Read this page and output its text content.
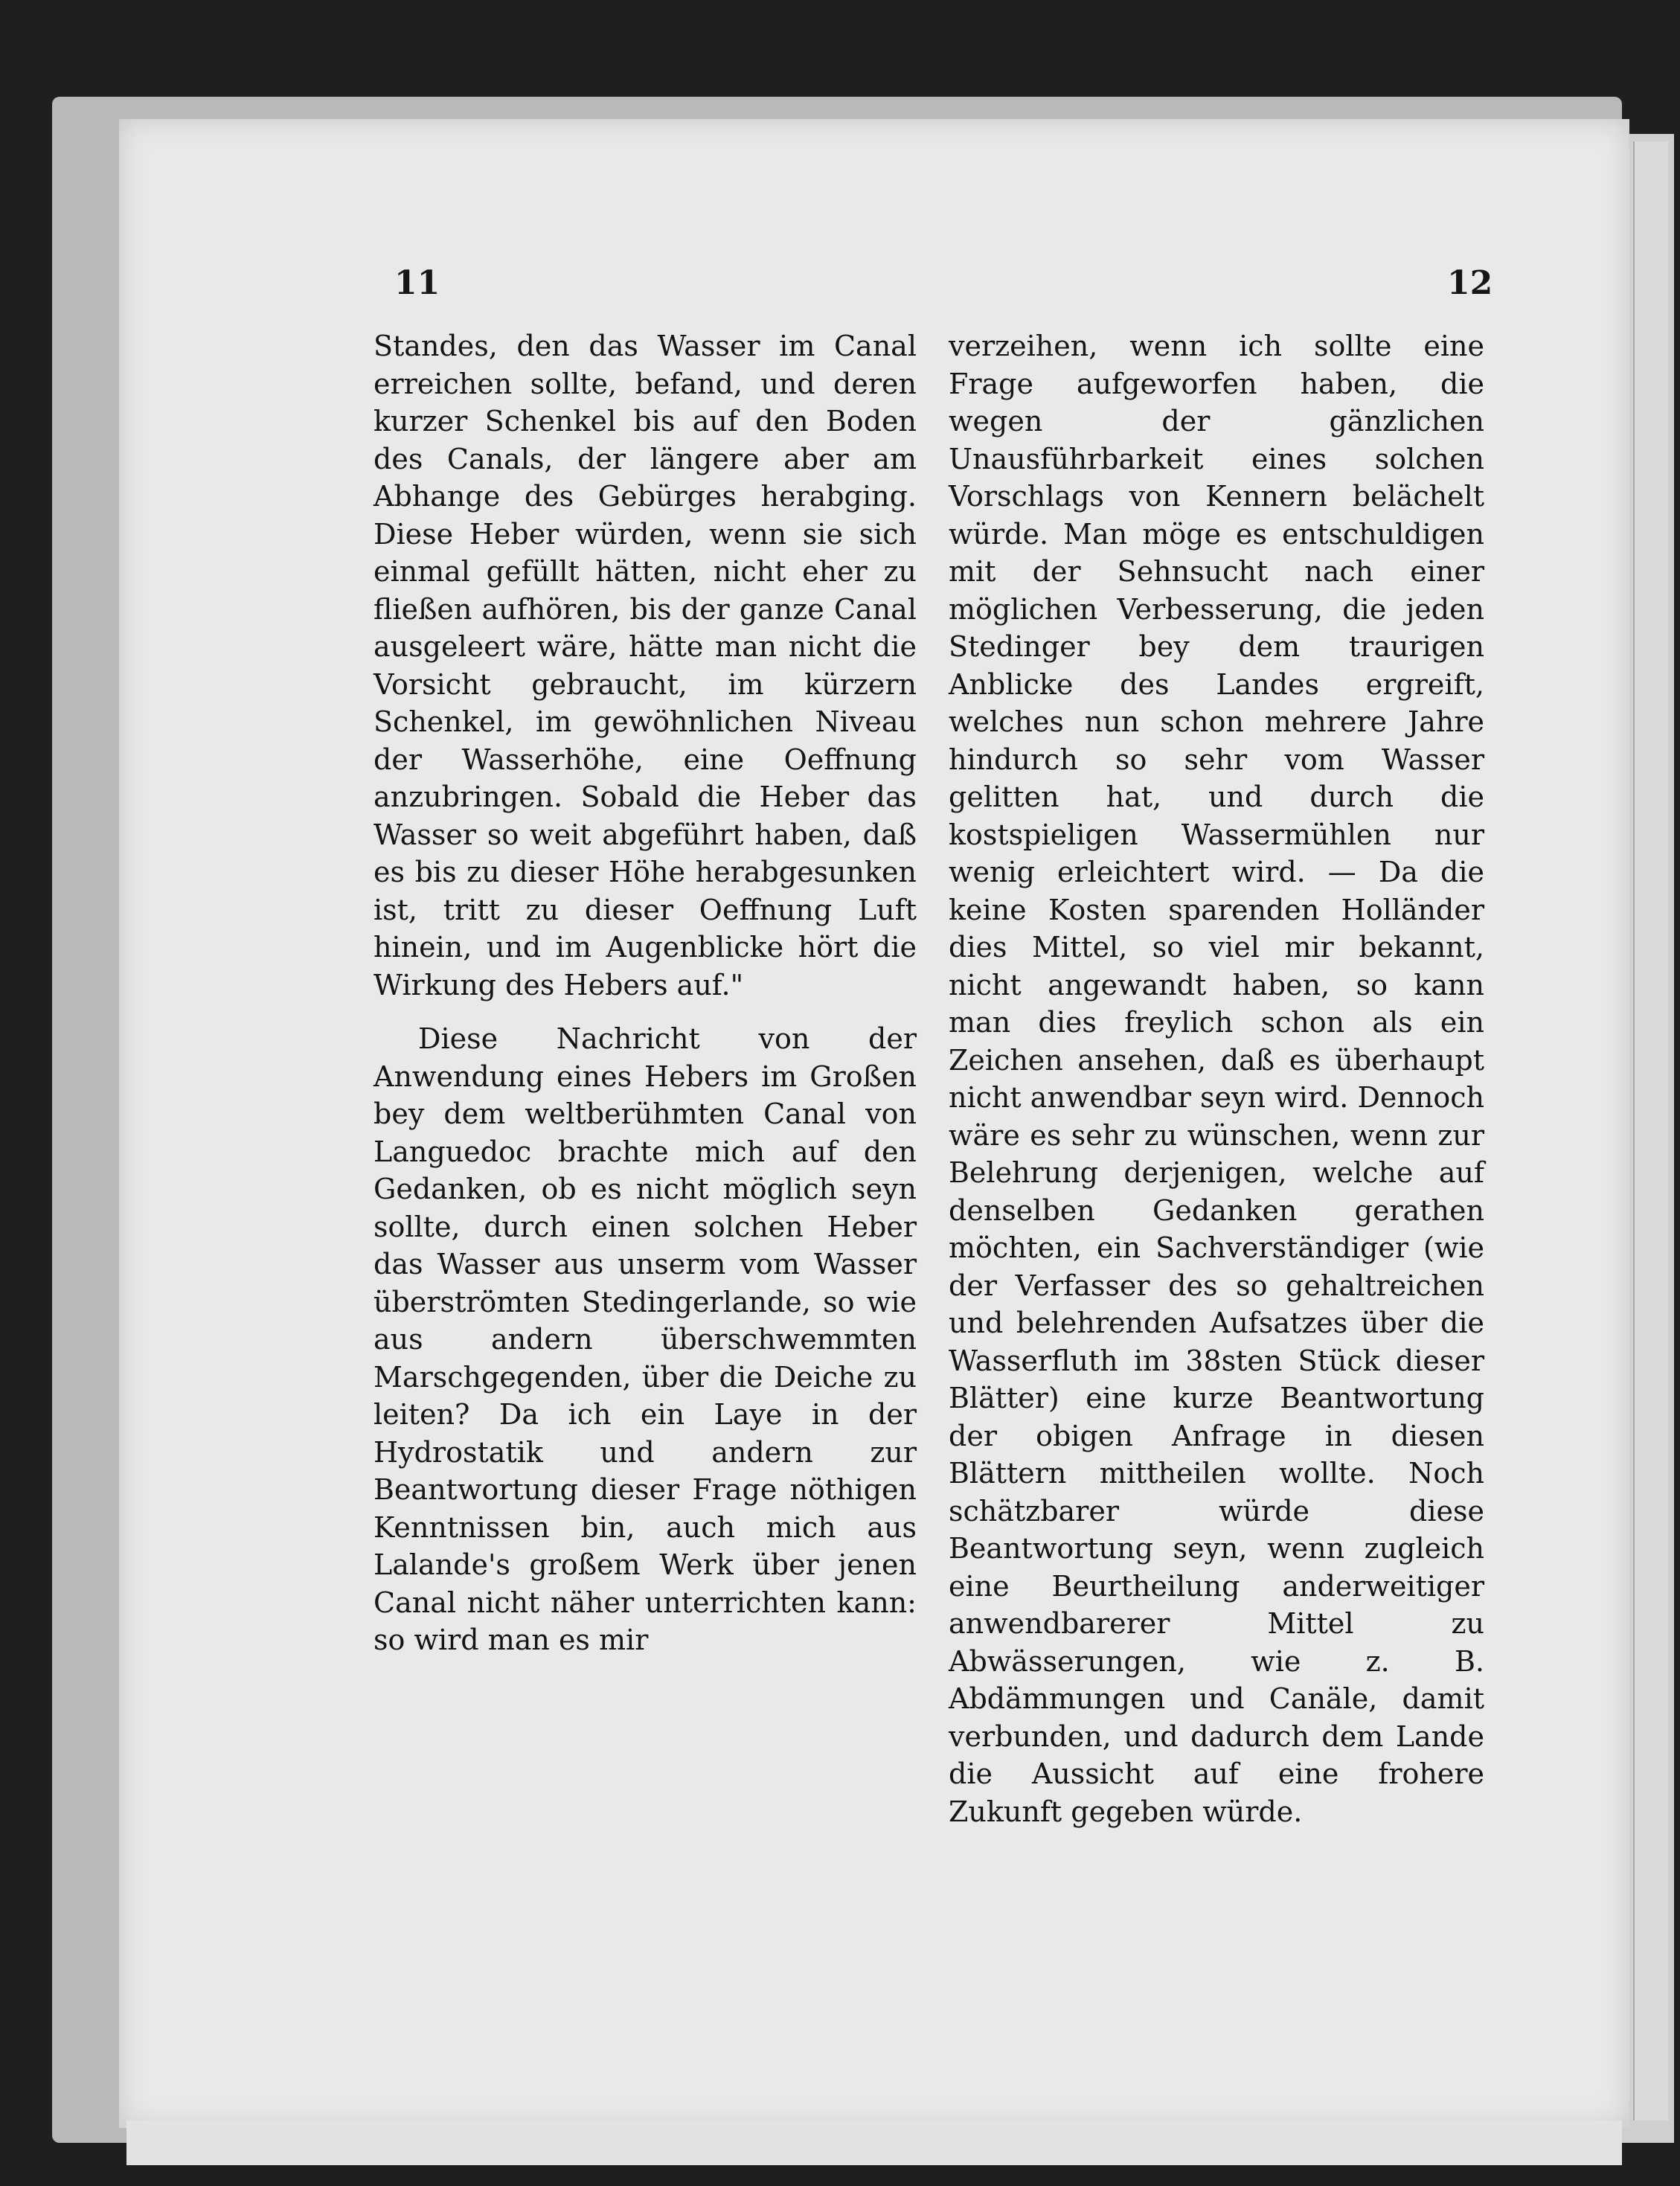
11	12

Standes, den das Wasser im Canal erreichen sollte, befand, und deren kurzer Schenkel bis auf den Boden des Canals, der längere aber am Abhange des Gebürges herabging. Diese Heber würden, wenn sie sich einmal gefüllt hätten, nicht eher zu fließen aufhören, bis der ganze Canal ausgeleert wäre, hätte man nicht die Vorsicht gebraucht, im kürzern Schenkel, im gewöhnlichen Niveau der Wasserhöhe, eine Oeffnung anzubringen. Sobald die Heber das Wasser so weit abgeführt haben, daß es bis zu dieser Höhe herabgesunken ist, tritt zu dieser Oeffnung Luft hinein, und im Augenblicke hört die Wirkung des Hebers auf."

Diese Nachricht von der Anwendung eines Hebers im Großen bey dem weltberühmten Canal von Languedoc brachte mich auf den Gedanken, ob es nicht möglich seyn sollte, durch einen solchen Heber das Wasser aus unserm vom Wasser überströmten Stedingerlande, so wie aus andern überschwemmten Marschgegenden, über die Deiche zu leiten? Da ich ein Laye in der Hydrostatik und andern zur Beantwortung dieser Frage nöthigen Kenntnissen bin, auch mich aus Lalande's großem Werk über jenen Canal nicht näher unterrichten kann: so wird man es mir

verzeihen, wenn ich sollte eine Frage aufgeworfen haben, die wegen der gänzlichen Unausführbarkeit eines solchen Vorschlags von Kennern belächelt würde. Man möge es entschuldigen mit der Sehnsucht nach einer möglichen Verbesserung, die jeden Stedinger bey dem traurigen Anblicke des Landes ergreift, welches nun schon mehrere Jahre hindurch so sehr vom Wasser gelitten hat, und durch die kostspieligen Wassermühlen nur wenig erleichtert wird. — Da die keine Kosten sparenden Holländer dies Mittel, so viel mir bekannt, nicht angewandt haben, so kann man dies freylich schon als ein Zeichen ansehen, daß es überhaupt nicht anwendbar seyn wird. Dennoch wäre es sehr zu wünschen, wenn zur Belehrung derjenigen, welche auf denselben Gedanken gerathen möchten, ein Sachverständiger (wie der Verfasser des so gehaltreichen und belehrenden Aufsatzes über die Wasserfluth im 38sten Stück dieser Blätter) eine kurze Beantwortung der obigen Anfrage in diesen Blättern mittheilen wollte. Noch schätzbarer würde diese Beantwortung seyn, wenn zugleich eine Beurtheilung anderweitiger anwendbarerer Mittel zu Abwässerungen, wie z. B. Abdämmungen und Canäle, damit verbunden, und dadurch dem Lande die Aussicht auf eine frohere Zukunft gegeben würde.
